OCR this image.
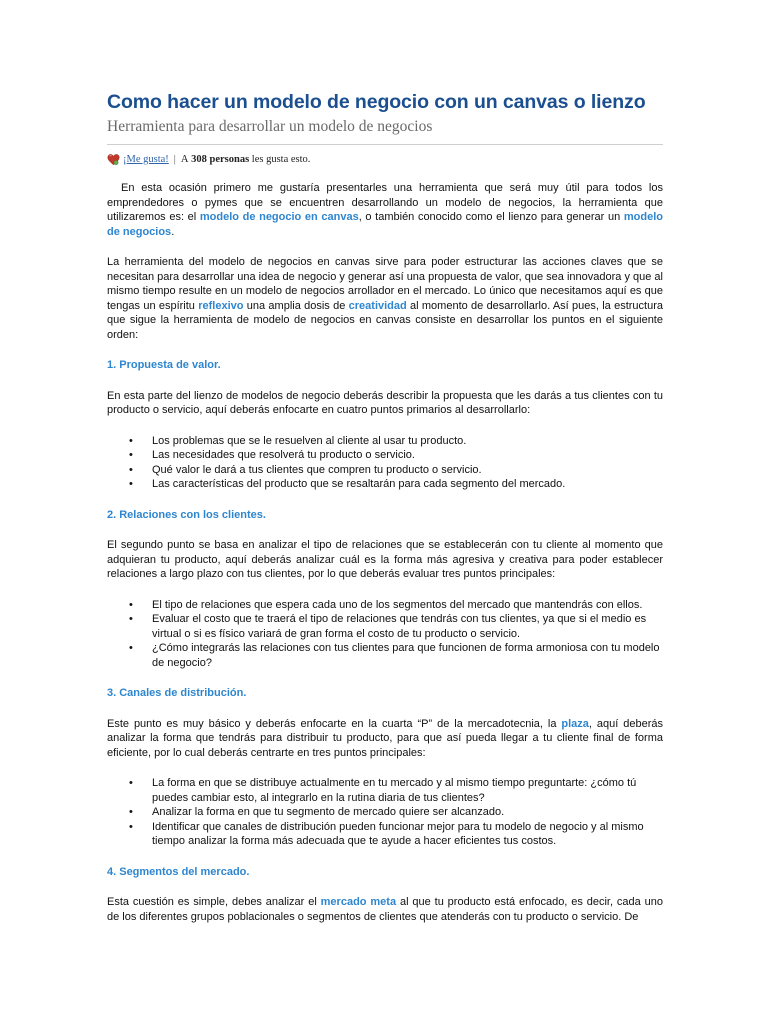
Como hacer un modelo de negocio con un canvas o lienzo
Herramienta para desarrollar un modelo de negocios
¡Me gusta! | A
308 personas
les gusta esto.

En esta ocasión primero me gustaría presentarles una herramienta que será muy útil para todos los emprendedores o pymes que se encuentren desarrollando un modelo de negocios, la herramienta que utilizaremos es: el modelo de negocio en canvas, o también conocido como el lienzo para generar un modelo de negocios.

La herramienta del modelo de negocios en canvas sirve para poder estructurar las acciones claves que se necesitan para desarrollar una idea de negocio y generar así una propuesta de valor, que sea innovadora y que al mismo tiempo resulte en un modelo de negocios arrollador en el mercado. Lo único que necesitamos aquí es que tengas un espíritu reflexivo una amplia dosis de creatividad al momento de desarrollarlo. Así pues, la estructura que sigue la herramienta de modelo de negocios en canvas consiste en desarrollar los puntos en el siguiente orden:

1. Propuesta de valor.

En esta parte del lienzo de modelos de negocio deberás describir la propuesta que les darás a tus clientes con tu producto o servicio, aquí deberás enfocarte en cuatro puntos primarios al desarrollarlo:

• Los problemas que se le resuelven al cliente al usar tu producto.
• Las necesidades que resolverá tu producto o servicio.
• Qué valor le dará a tus clientes que compren tu producto o servicio.
• Las características del producto que se resaltarán para cada segmento del mercado.
2. Relaciones con los clientes.

El segundo punto se basa en analizar el tipo de relaciones que se establecerán con tu cliente al momento que adquieran tu producto, aquí deberás analizar cuál es la forma más agresiva y creativa para poder establecer relaciones a largo plazo con tus clientes, por lo que deberás evaluar tres puntos principales:

• El tipo de relaciones que espera cada uno de los segmentos del mercado que mantendrás con ellos.
• Evaluar el costo que te traerá el tipo de relaciones que tendrás con tus clientes, ya que si el medio es virtual o si es físico variará de gran forma el costo de tu producto o servicio.
• ¿Cómo integrarás las relaciones con tus clientes para que funcionen de forma armoniosa con tu modelo de negocio?
3. Canales de distribución.

Este punto es muy básico y deberás enfocarte en la cuarta “P” de la mercadotecnia, la plaza, aquí deberás analizar la forma que tendrás para distribuir tu producto, para que así pueda llegar a tu cliente final de forma eficiente, por lo cual deberás centrarte en tres puntos principales:

• La forma en que se distribuye actualmente en tu mercado y al mismo tiempo preguntarte: ¿cómo tú puedes cambiar esto, al integrarlo en la rutina diaria de tus clientes?
• Analizar la forma en que tu segmento de mercado quiere ser alcanzado.
• Identificar que canales de distribución pueden funcionar mejor para tu modelo de negocio y al mismo tiempo analizar la forma más adecuada que te ayude a hacer eficientes tus costos.
4. Segmentos del mercado.

Esta cuestión es simple, debes analizar el mercado meta al que tu producto está enfocado, es decir, cada uno de los diferentes grupos poblacionales o segmentos de clientes que atenderás con tu producto o servicio. De
